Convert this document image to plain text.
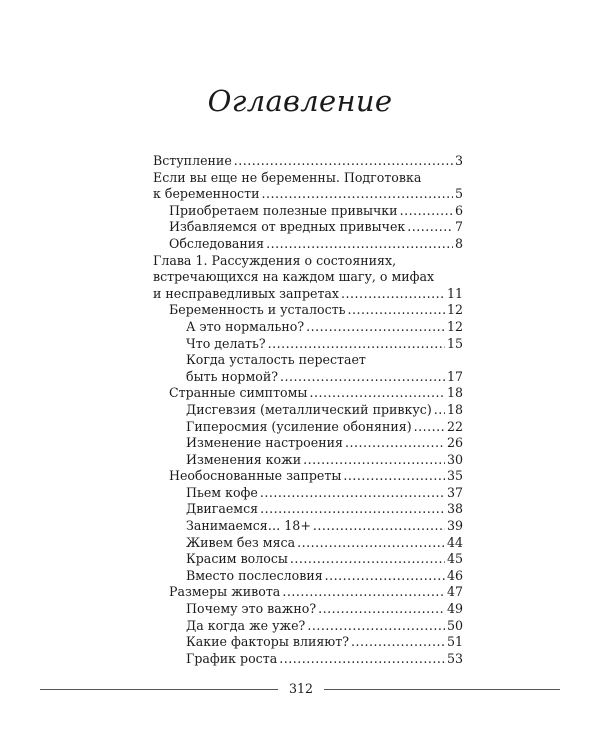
Оглавление
Вступление .....	3
Если вы еще не беременны. Подготовка
к беременности .....	5
Приобретаем полезные привычки .....	6
Избавляемся от вредных привычек .....	7
Обследования .....	8
Глава 1. Рассуждения о состояниях,
встречающихся на каждом шагу, о мифах
и несправедливых запретах .....	11
Беременность и усталость .....	12
А это нормально? .....	12
Что делать? .....	15
Когда усталость перестает
быть нормой? .....	17
Странные симптомы .....	18
Дисгевзия (металлический привкус) ..... 18
Гиперосмия (усиление обоняния) .....	22
Изменение настроения .....	26
Изменения кожи .....	30
Необоснованные запреты .....	35
Пьем кофе .....	37
Двигаемся .....	38
Занимаемся… 18+ .....	39
Живем без мяса .....	44
Красим волосы .....	45
Вместо послесловия .....	46
Размеры живота .....	47
Почему это важно? .....	49
Да когда же уже? .....	50
Какие факторы влияют? .....	51
График роста .....	53
312
